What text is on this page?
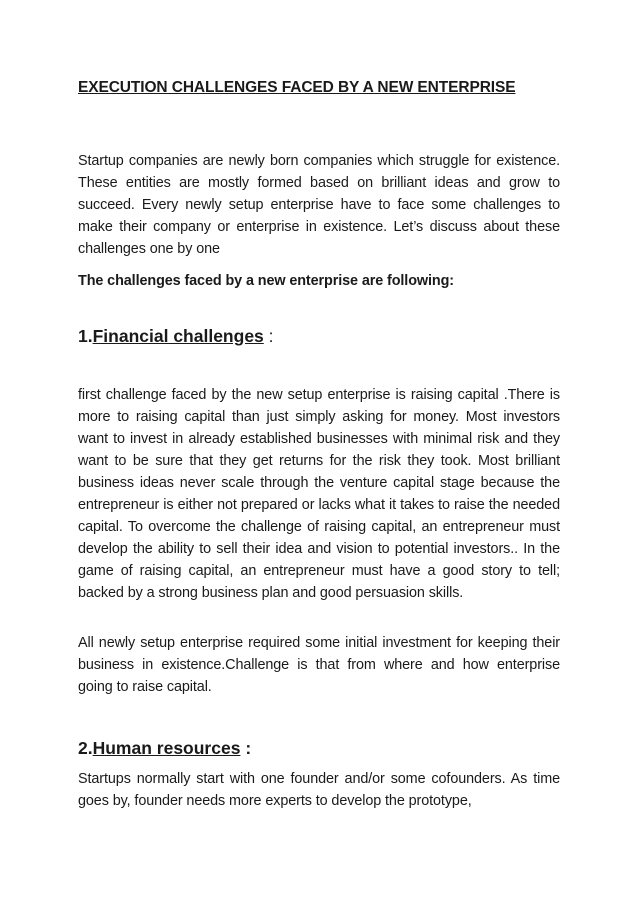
EXECUTION CHALLENGES FACED BY A NEW ENTERPRISE

Startup companies are newly born companies which struggle for existence. These entities are mostly formed based on brilliant ideas and grow to succeed. Every newly setup enterprise have to face some challenges to make their company or enterprise in existence. Let’s discuss about these challenges one by one

The challenges faced by a new enterprise are following:

1.Financial challenges :

first challenge faced by the new setup enterprise is raising capital .There is more to raising capital than just simply asking for money. Most investors want to invest in already established businesses with minimal risk and they want to be sure that they get returns for the risk they took. Most brilliant business ideas never scale through the venture capital stage because the entrepreneur is either not prepared or lacks what it takes to raise the needed capital. To overcome the challenge of raising capital, an entrepreneur must develop the ability to sell their idea and vision to potential investors.. In the game of raising capital, an entrepreneur must have a good story to tell; backed by a strong business plan and good persuasion skills.

All newly setup enterprise required some initial investment for keeping their business in existence.Challenge is that from where and how enterprise going to raise capital.

2.Human resources :

Startups normally start with one founder and/or some cofounders. As time goes by, founder needs more experts to develop the prototype,
